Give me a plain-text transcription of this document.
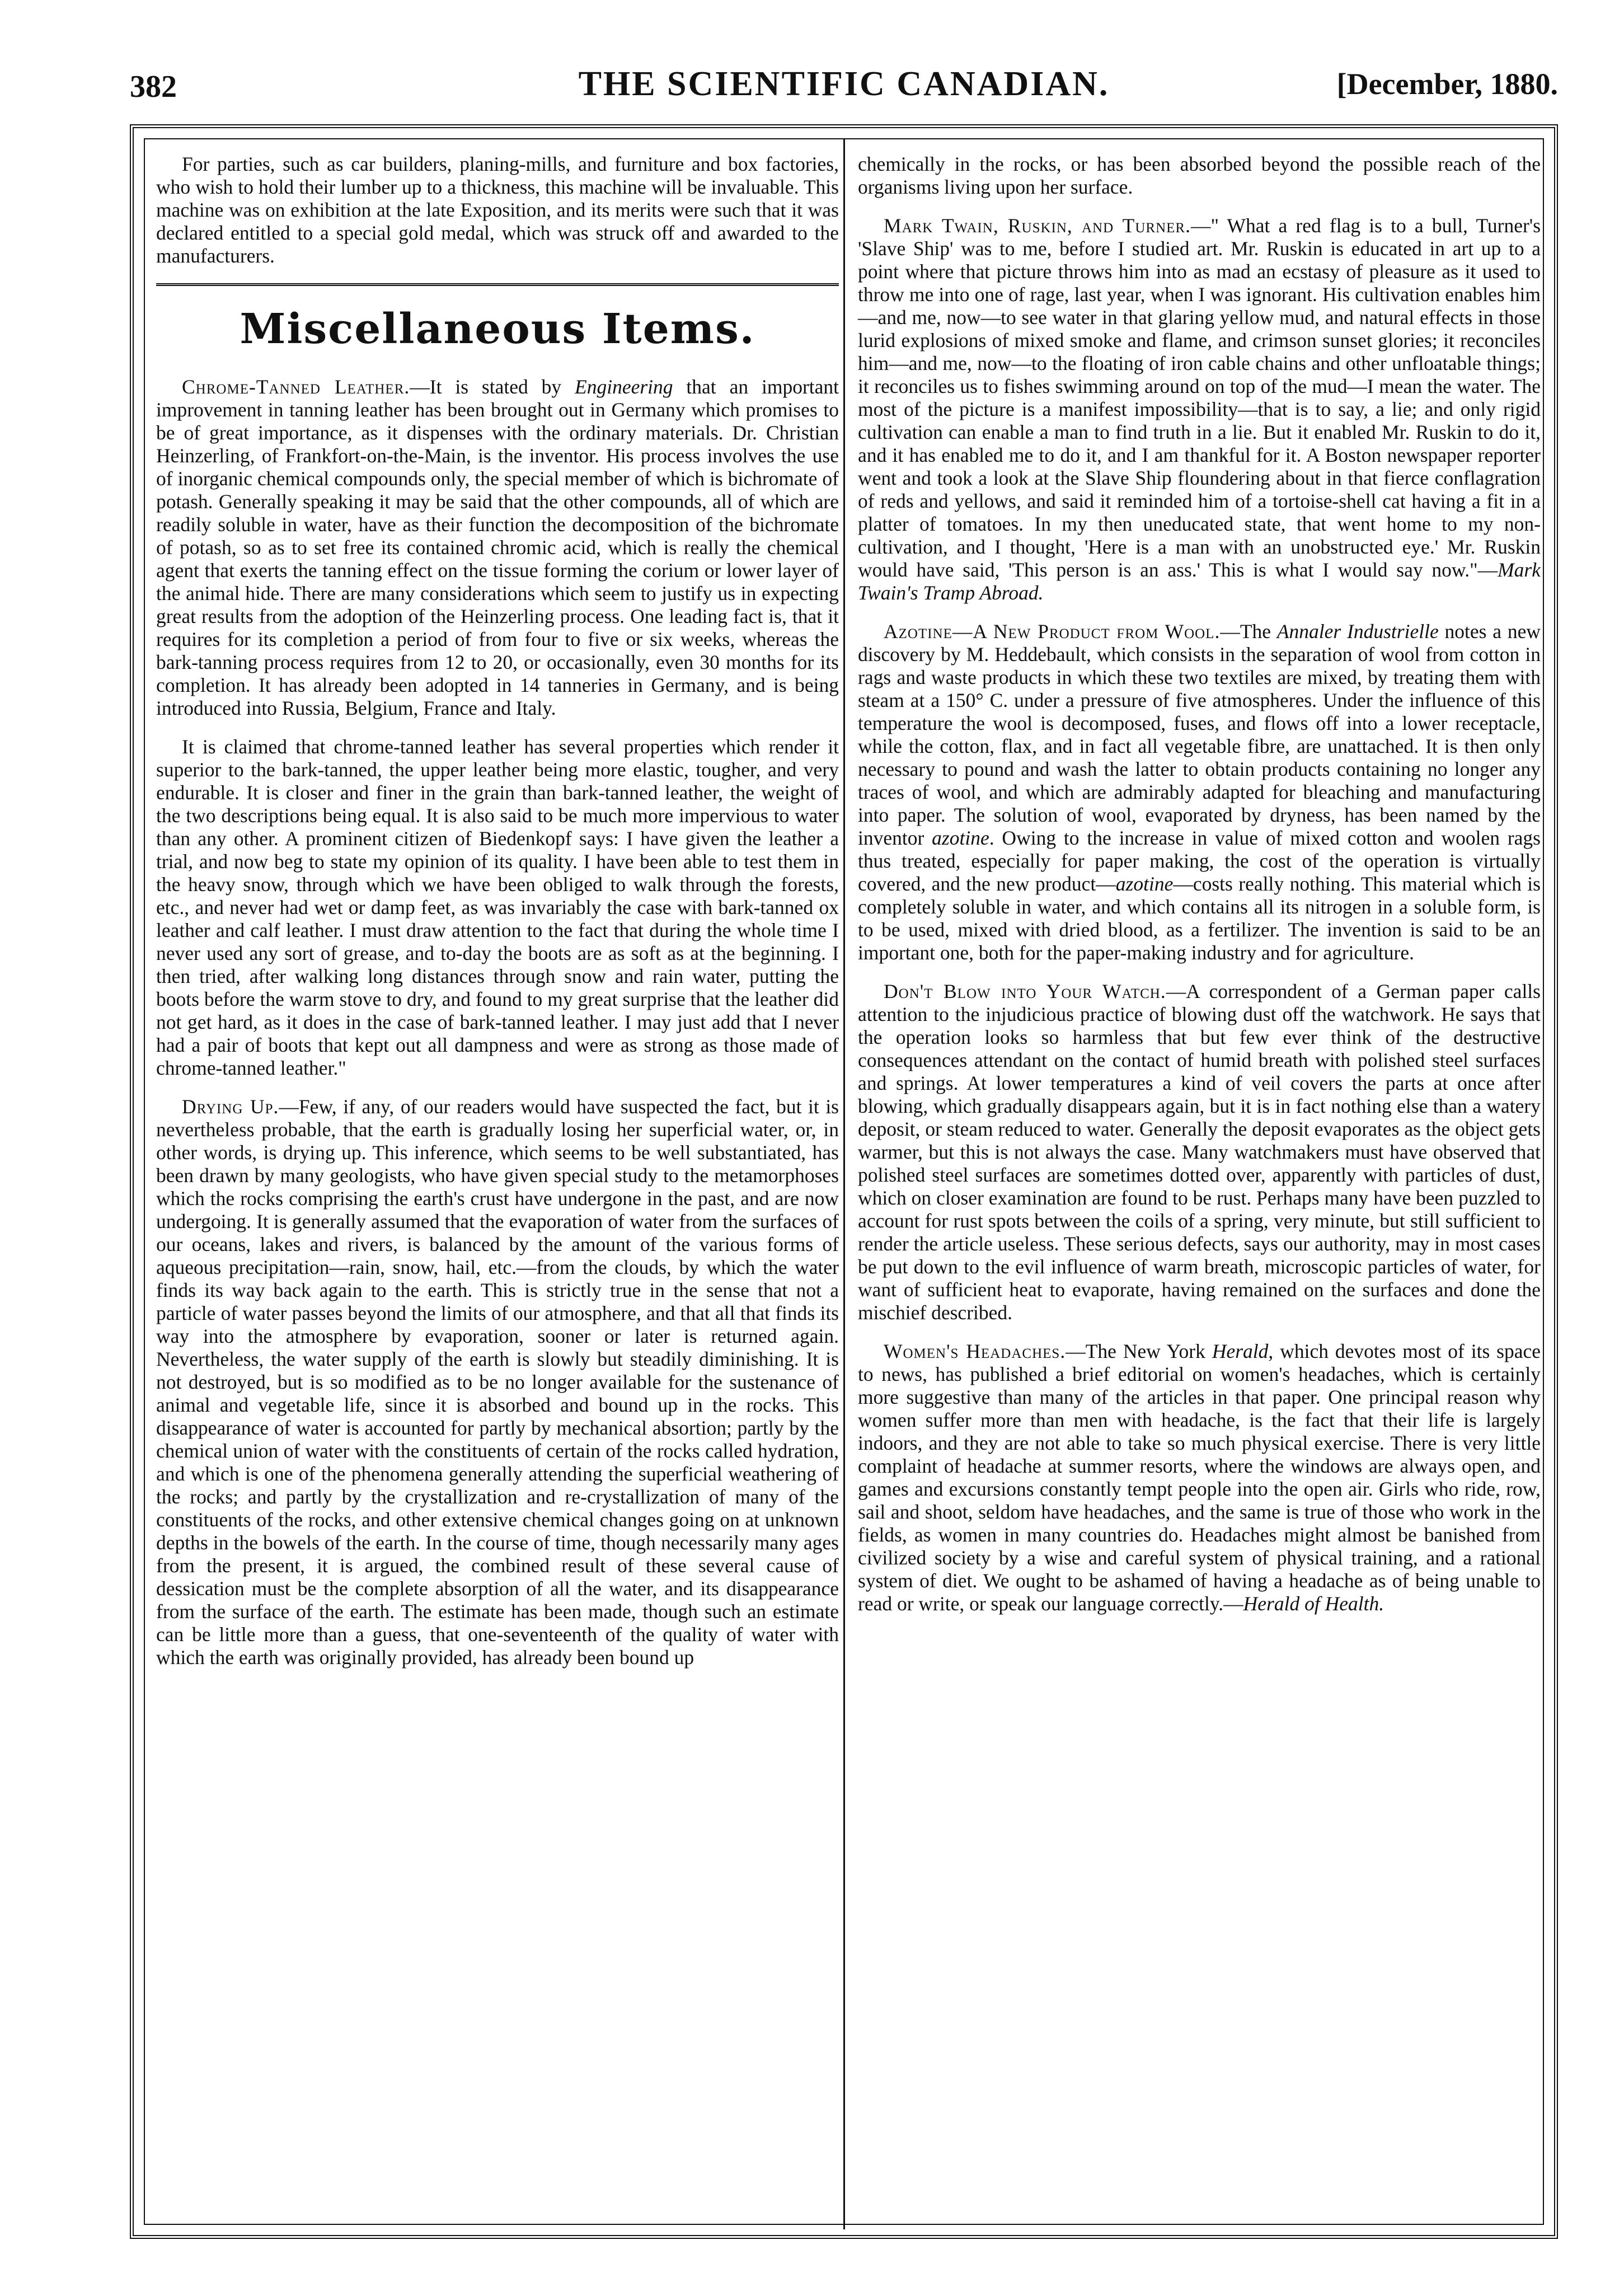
382	THE SCIENTIFIC CANADIAN.	[December, 1880.

For parties, such as car builders, planing-mills, and furniture and box factories, who wish to hold their lumber up to a thickness, this machine will be invaluable. This machine was on exhibition at the late Exposition, and its merits were such that it was declared entitled to a special gold medal, which was struck off and awarded to the manufacturers.

Miscellaneous Items.

Chrome-Tanned Leather.—It is stated by Engineering that an important improvement in tanning leather has been brought out in Germany which promises to be of great importance, as it dispenses with the ordinary materials. Dr. Christian Heinzerling, of Frankfort-on-the-Main, is the inventor. His process involves the use of inorganic chemical compounds only, the special member of which is bichromate of potash. Generally speaking it may be said that the other compounds, all of which are readily soluble in water, have as their function the decomposition of the bichromate of potash, so as to set free its contained chromic acid, which is really the chemical agent that exerts the tanning effect on the tissue forming the corium or lower layer of the animal hide. There are many considerations which seem to justify us in expecting great results from the adoption of the Heinzerling process. One leading fact is, that it requires for its completion a period of from four to five or six weeks, whereas the bark-tanning process requires from 12 to 20, or occasionally, even 30 months for its completion. It has already been adopted in 14 tanneries in Germany, and is being introduced into Russia, Belgium, France and Italy.

It is claimed that chrome-tanned leather has several properties which render it superior to the bark-tanned, the upper leather being more elastic, tougher, and very endurable. It is closer and finer in the grain than bark-tanned leather, the weight of the two descriptions being equal. It is also said to be much more impervious to water than any other. A prominent citizen of Biedenkopf says: I have given the leather a trial, and now beg to state my opinion of its quality. I have been able to test them in the heavy snow, through which we have been obliged to walk through the forests, etc., and never had wet or damp feet, as was invariably the case with bark-tanned ox leather and calf leather. I must draw attention to the fact that during the whole time I never used any sort of grease, and to-day the boots are as soft as at the beginning. I then tried, after walking long distances through snow and rain water, putting the boots before the warm stove to dry, and found to my great surprise that the leather did not get hard, as it does in the case of bark-tanned leather. I may just add that I never had a pair of boots that kept out all dampness and were as strong as those made of chrome-tanned leather."

Drying Up.—Few, if any, of our readers would have suspected the fact, but it is nevertheless probable, that the earth is gradually losing her superficial water, or, in other words, is drying up. This inference, which seems to be well substantiated, has been drawn by many geologists, who have given special study to the metamorphoses which the rocks comprising the earth's crust have undergone in the past, and are now undergoing. It is generally assumed that the evaporation of water from the surfaces of our oceans, lakes and rivers, is balanced by the amount of the various forms of aqueous precipitation—rain, snow, hail, etc.—from the clouds, by which the water finds its way back again to the earth. This is strictly true in the sense that not a particle of water passes beyond the limits of our atmosphere, and that all that finds its way into the atmosphere by evaporation, sooner or later is returned again. Nevertheless, the water supply of the earth is slowly but steadily diminishing. It is not destroyed, but is so modified as to be no longer available for the sustenance of animal and vegetable life, since it is absorbed and bound up in the rocks. This disappearance of water is accounted for partly by mechanical absortion; partly by the chemical union of water with the constituents of certain of the rocks called hydration, and which is one of the phenomena generally attending the superficial weathering of the rocks; and partly by the crystallization and re-crystallization of many of the constituents of the rocks, and other extensive chemical changes going on at unknown depths in the bowels of the earth. In the course of time, though necessarily many ages from the present, it is argued, the combined result of these several cause of dessication must be the complete absorption of all the water, and its disappearance from the surface of the earth. The estimate has been made, though such an estimate can be little more than a guess, that one-seventeenth of the quality of water with which the earth was originally provided, has already been bound up

chemically in the rocks, or has been absorbed beyond the possible reach of the organisms living upon her surface.

Mark Twain, Ruskin, and Turner.—" What a red flag is to a bull, Turner's 'Slave Ship' was to me, before I studied art. Mr. Ruskin is educated in art up to a point where that picture throws him into as mad an ecstasy of pleasure as it used to throw me into one of rage, last year, when I was ignorant. His cultivation enables him—and me, now—to see water in that glaring yellow mud, and natural effects in those lurid explosions of mixed smoke and flame, and crimson sunset glories; it reconciles him—and me, now—to the floating of iron cable chains and other unfloatable things; it reconciles us to fishes swimming around on top of the mud—I mean the water. The most of the picture is a manifest impossibility—that is to say, a lie; and only rigid cultivation can enable a man to find truth in a lie. But it enabled Mr. Ruskin to do it, and it has enabled me to do it, and I am thankful for it. A Boston newspaper reporter went and took a look at the Slave Ship floundering about in that fierce conflagration of reds and yellows, and said it reminded him of a tortoise-shell cat having a fit in a platter of tomatoes. In my then uneducated state, that went home to my non-cultivation, and I thought, 'Here is a man with an unobstructed eye.' Mr. Ruskin would have said, 'This person is an ass.' This is what I would say now."—Mark Twain's Tramp Abroad.

Azotine—A New Product from Wool.—The Annaler Industrielle notes a new discovery by M. Heddebault, which consists in the separation of wool from cotton in rags and waste products in which these two textiles are mixed, by treating them with steam at a 150° C. under a pressure of five atmospheres. Under the influence of this temperature the wool is decomposed, fuses, and flows off into a lower receptacle, while the cotton, flax, and in fact all vegetable fibre, are unattached. It is then only necessary to pound and wash the latter to obtain products containing no longer any traces of wool, and which are admirably adapted for bleaching and manufacturing into paper. The solution of wool, evaporated by dryness, has been named by the inventor azotine. Owing to the increase in value of mixed cotton and woolen rags thus treated, especially for paper making, the cost of the operation is virtually covered, and the new product—azotine—costs really nothing. This material which is completely soluble in water, and which contains all its nitrogen in a soluble form, is to be used, mixed with dried blood, as a fertilizer. The invention is said to be an important one, both for the paper-making industry and for agriculture.

Don't Blow into Your Watch.—A correspondent of a German paper calls attention to the injudicious practice of blowing dust off the watchwork. He says that the operation looks so harmless that but few ever think of the destructive consequences attendant on the contact of humid breath with polished steel surfaces and springs. At lower temperatures a kind of veil covers the parts at once after blowing, which gradually disappears again, but it is in fact nothing else than a watery deposit, or steam reduced to water. Generally the deposit evaporates as the object gets warmer, but this is not always the case. Many watchmakers must have observed that polished steel surfaces are sometimes dotted over, apparently with particles of dust, which on closer examination are found to be rust. Perhaps many have been puzzled to account for rust spots between the coils of a spring, very minute, but still sufficient to render the article useless. These serious defects, says our authority, may in most cases be put down to the evil influence of warm breath, microscopic particles of water, for want of sufficient heat to evaporate, having remained on the surfaces and done the mischief described.

Women's Headaches.—The New York Herald, which devotes most of its space to news, has published a brief editorial on women's headaches, which is certainly more suggestive than many of the articles in that paper. One principal reason why women suffer more than men with headache, is the fact that their life is largely indoors, and they are not able to take so much physical exercise. There is very little complaint of headache at summer resorts, where the windows are always open, and games and excursions constantly tempt people into the open air. Girls who ride, row, sail and shoot, seldom have headaches, and the same is true of those who work in the fields, as women in many countries do. Headaches might almost be banished from civilized society by a wise and careful system of physical training, and a rational system of diet. We ought to be ashamed of having a headache as of being unable to read or write, or speak our language correctly.—Herald of Health.
